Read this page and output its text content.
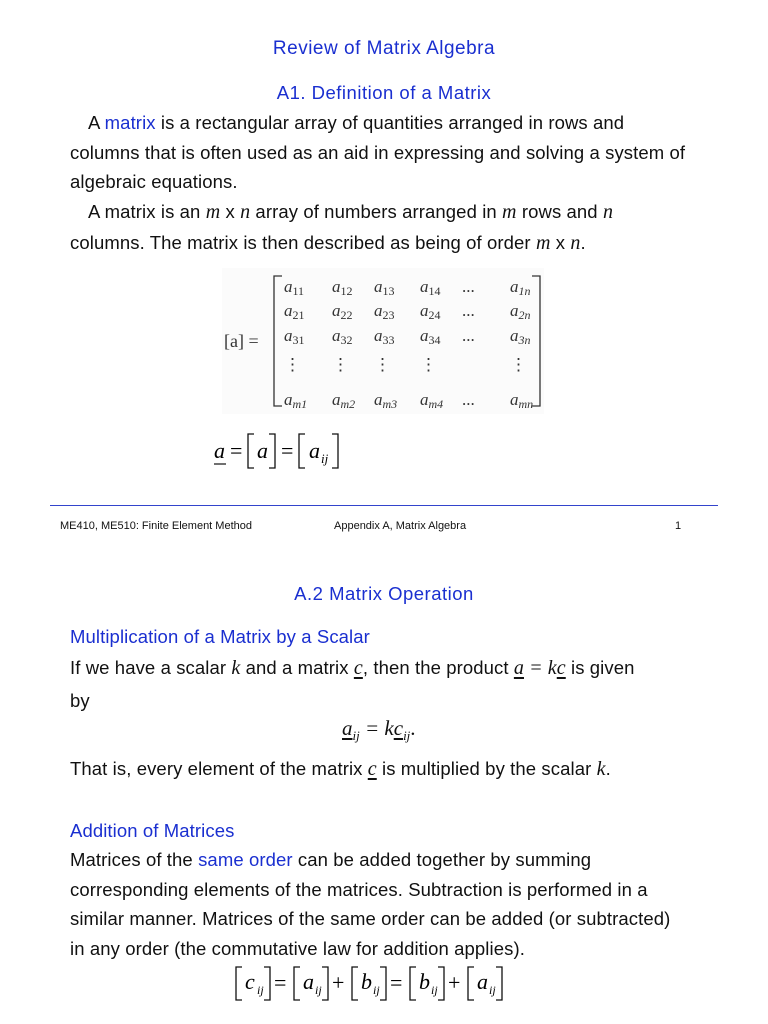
Review of Matrix Algebra
A1. Definition of a Matrix
A matrix is a rectangular array of quantities arranged in rows and
columns that is often used as an aid in expressing and solving a system of
algebraic equations.
A matrix is an m x n array of numbers arranged in m rows and n
columns. The matrix is then described as being of order m x n.
[a] =
a11 a12 a13 a14 ... a1n
a21 a22 a23 a24 ... a2n
a31 a32 a33 a34 ... a3n
⋮ ⋮ ⋮ ⋮	⋮
am1 am2 am3 am4 ... amn
a = a = a ij
ME410, ME510: Finite Element Method	Appendix A, Matrix Algebra	1
A.2 Matrix Operation
Multiplication of a Matrix by a Scalar
If we have a scalar k and a matrix c, then the product a = kc is given
by
$a_{ij} = kc_{ij}$.
That is, every element of the matrix c is multiplied by the scalar k.
Addition of Matrices
Matrices of the same order can be added together by summing
corresponding elements of the matrices. Subtraction is performed in a
similar manner. Matrices of the same order can be added (or subtracted)
in any order (the commutative law for addition applies).
c ij = a ij + b ij = b ij + a ij
